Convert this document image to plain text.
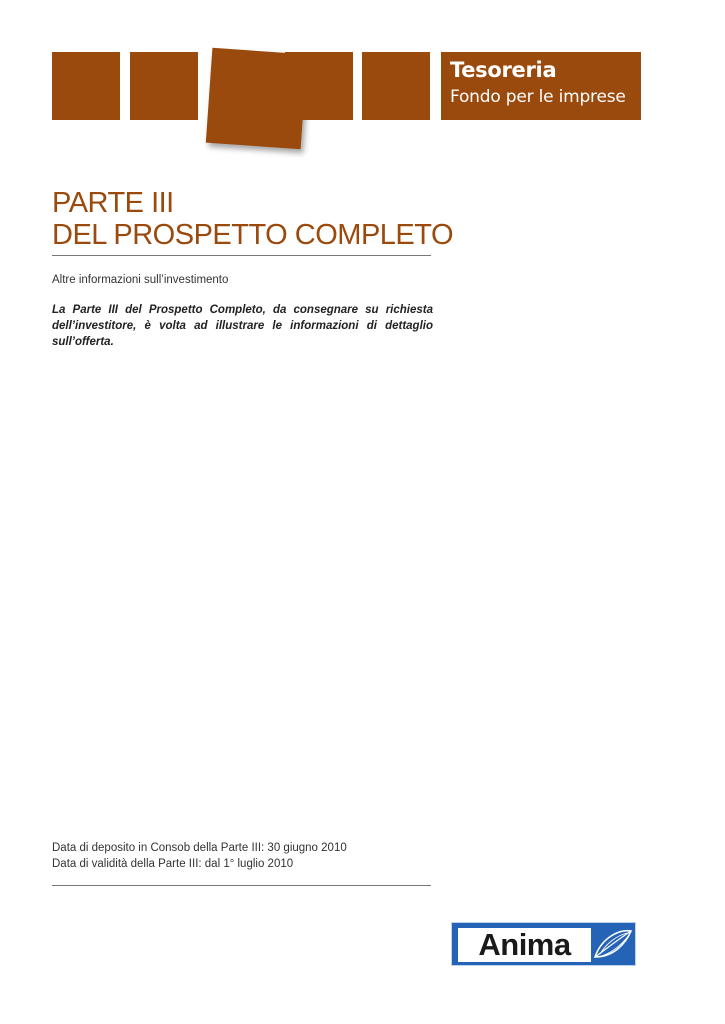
Tesoreria
Fondo per le imprese
PARTE III
DEL PROSPETTO COMPLETO
Altre informazioni sull’investimento
La Parte III del Prospetto Completo, da consegnare su richiesta dell’investitore, è volta ad illustrare le informazioni di dettaglio sull’offerta.
Data di deposito in Consob della Parte III: 30 giugno 2010
Data di validità della Parte III: dal 1° luglio 2010
Anima
